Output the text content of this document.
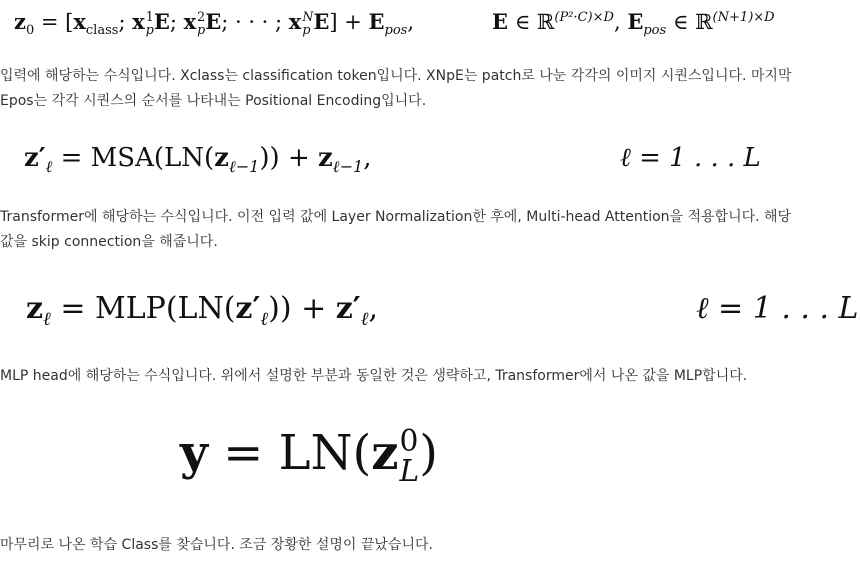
$z_0 = [x_{class}$; x 1
p E; x 2
p E; · · · ; x N
p $E] + E_{pos}$,	E ∈ ℝ$^{(P^2\cdot C)\times D}$, $E_{pos}$ ∈ ℝ$^{(N+1)\times D}$
입력에 해당하는 수식입니다. Xclass는 classification token입니다. XNpE는 patch로 나눈 각각의 이미지 시퀀스입니다. 마지막
Epos는 각각 시퀀스의 순서를 나타내는 Positional Encoding입니다.
$z'_\ell = MSA(LN(z_{\ell-1})) + z_{\ell-1}$,	ℓ = 1 . . . L
Transformer에 해당하는 수식입니다. 이전 입력 값에 Layer Normalization한 후에, Multi-head Attention을 적용합니다. 해당
값을 skip connection을 해줍니다.
$z_\ell = MLP(LN(z'_\ell)) + z'_\ell$,	ℓ = 1 . . . L
MLP head에 해당하는 수식입니다. 위에서 설명한 부분과 동일한 것은 생략하고, Transformer에서 나온 값을 MLP합니다.
y = LN(z 0
L )
마무리로 나온 학습 Class를 찾습니다. 조금 장황한 설명이 끝났습니다.
